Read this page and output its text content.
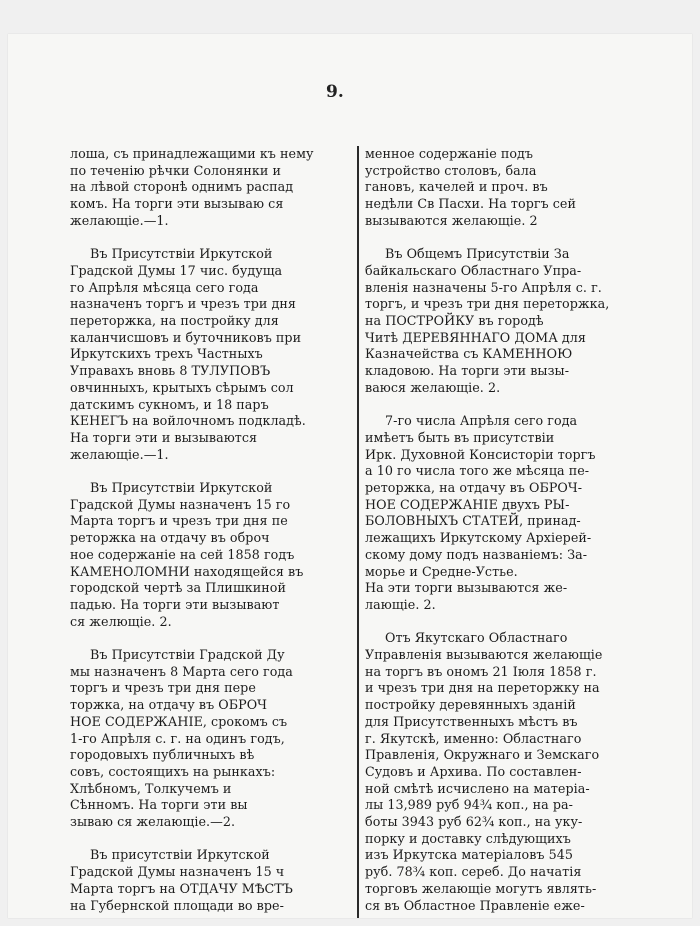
9.

лоша, съ принадлежащими къ нему

по теченію рѣчки Солонянки и

на лѣвой сторонѣ однимъ распад

комъ. На торги эти вызываю ся

желающіе.—1.

Въ Присутствіи Иркутской

Градской Думы 17 чис. будуща

го Апрѣля мѣсяца сего года

назначенъ торгъ и чрезъ три дня

переторжка, на постройку для

каланчисшовъ и буточниковъ при

Иркутскихъ трехъ Частныхъ

Управахъ вновь 8 ТУЛУПОВЪ

овчинныхъ, крытыхъ сѣрымъ сол

датскимъ сукномъ, и 18 паръ

КЕНЕГЪ на войлочномъ подкладѣ.

На торги эти и вызываются

желающіе.—1.

Въ Присутствіи Иркутской

Градской Думы назначенъ 15 го

Марта торгъ и чрезъ три дня пе

реторжка на отдачу въ оброч

ное содержаніе на сей 1858 годъ

КАМЕНОЛОМНИ находящейся въ

городской чертѣ за Плишкиной

падью. На торги эти вызывают

ся желющіе. 2.

Въ Присутствіи Градской Ду

мы назначенъ 8 Марта сего года

торгъ и чрезъ три дня пере

торжка, на отдачу въ ОБРОЧ

НОЕ СОДЕРЖАНІЕ, срокомъ съ

1-го Апрѣля с. г. на одинъ годъ,

городовыхъ публичныхъ вѣ

совъ, состоящихъ на рынкахъ:

Хлѣбномъ, Толкучемъ и

Сѣнномъ. На торги эти вы

зываю ся желающіе.—2.

Въ присутствіи Иркутской

Градской Думы назначенъ 15 ч

Марта торгъ на ОТДАЧУ МѢСТЪ

на Губернской площади во вре-

менное содержаніе подъ

устройство столовъ, бала

гановъ, качелей и проч. въ

недѣли Св Пасхи. На торгъ сей

вызываются желающіе. 2

Въ Общемъ Присутствіи За

байкальскаго Областнаго Упра-

вленія назначены 5-го Апрѣля с. г.

торгъ, и чрезъ три дня переторжка,

на ПОСТРОЙКУ въ городѣ

Читѣ ДЕРЕВЯННАГО ДОМА для

Казначейства съ КАМЕННОЮ

кладовою. На торги эти вызы-

ваюся желающіе. 2.

7-го числа Апрѣля сего года

имѣетъ быть въ присутствіи

Ирк. Духовной Консисторіи торгъ

а 10 го числа того же мѣсяца пе-

реторжка, на отдачу въ ОБРОЧ-

НОЕ СОДЕРЖАНІЕ двухъ РЫ-

БОЛОВНЫХЪ СТАТЕЙ, принад-

лежащихъ Иркутскому Архіерей-

скому дому подъ названіемъ: За-

морье и Средне-Устье.

На эти торги вызываются же-

лающіе. 2.

Отъ Якутскаго Областнаго

Управленія вызываются желающіе

на торгъ въ ономъ 21 Іюля 1858 г.

и чрезъ три дня на переторжку на

постройку деревянныхъ зданій

для Присутственныхъ мѣстъ въ

г. Якутскѣ, именно: Областнаго

Правленія, Окружнаго и Земскаго

Судовъ и Архива. По составлен-

ной смѣтѣ исчислено на матеріа-

лы 13,989 руб 94¾ коп., на ра-

боты 3943 руб 62¾ коп., на уку-

порку и доставку слѣдующихъ

изъ Иркутска матеріаловъ 545

руб. 78¾ коп. сереб. До начатія

торговъ желающіе могутъ являть-

ся въ Областное Правленіе еже-
